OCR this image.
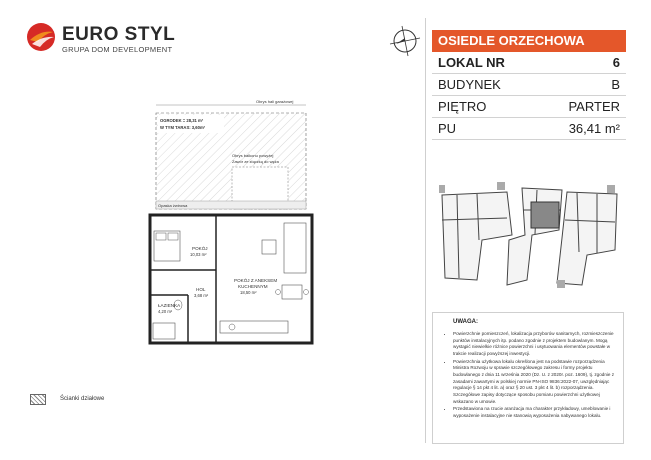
EURO STYL
GRUPA DOM DEVELOPMENT
OSIEDLE ORZECHOWA
LOKAL NR	6
BUDYNEK	B
PIĘTRO	PARTER
PU	36,41 m²
UWAGA:
• Powierzchnie pomieszczeń, lokalizacja przyborów sanitarnych, rozmieszczenie punktów instalacyjnych itp. podano zgodnie z projektem budowlanym. Mogą wystąpić niewielkie różnice powierzchni i usytuowania elementów powstałe w trakcie realizacji powyższej inwestycji.
• Powierzchnia użytkowa lokalu określona jest na podstawie rozporządzenia Ministra Rozwoju w sprawie szczegółowego zakresu i formy projektu budowlanego z dnia 11 września 2020 (Dz. U. z 2020r. poz. 1609), tj. zgodnie z zasadami zawartymi w polskiej normie PN-ISO 9836:2022-07, uwzględniając regulacje § 14 pkt 4 lit. a) oraz § 20 ust. 3 pkt 4 lit. b) rozporządzenia. Szczegółowe zapisy dotyczące sposobu pomiaru powierzchni użytkowej wskazano w umowie.
• Przedstawiona na rzucie aranżacja ma charakter przykładowy, umeblowanie i wyposażenie instalacyjne nie stanowią wyposażenia nabywanego lokalu.
Ścianki działowe
Obrys hali garażowej
OGRODEK = 28,31 m²
W TYM TARAS: 3,60m²
Obrys balkonu powyżej
Zawór ze złączką do węża
Opaska żwirowa
POKÓJ
10,03 m²
POKÓJ Z ANEKSEM
KUCHENNYM
18,50 m²
HOL
3,68 m²
ŁAZIENKA
4,20 m²
